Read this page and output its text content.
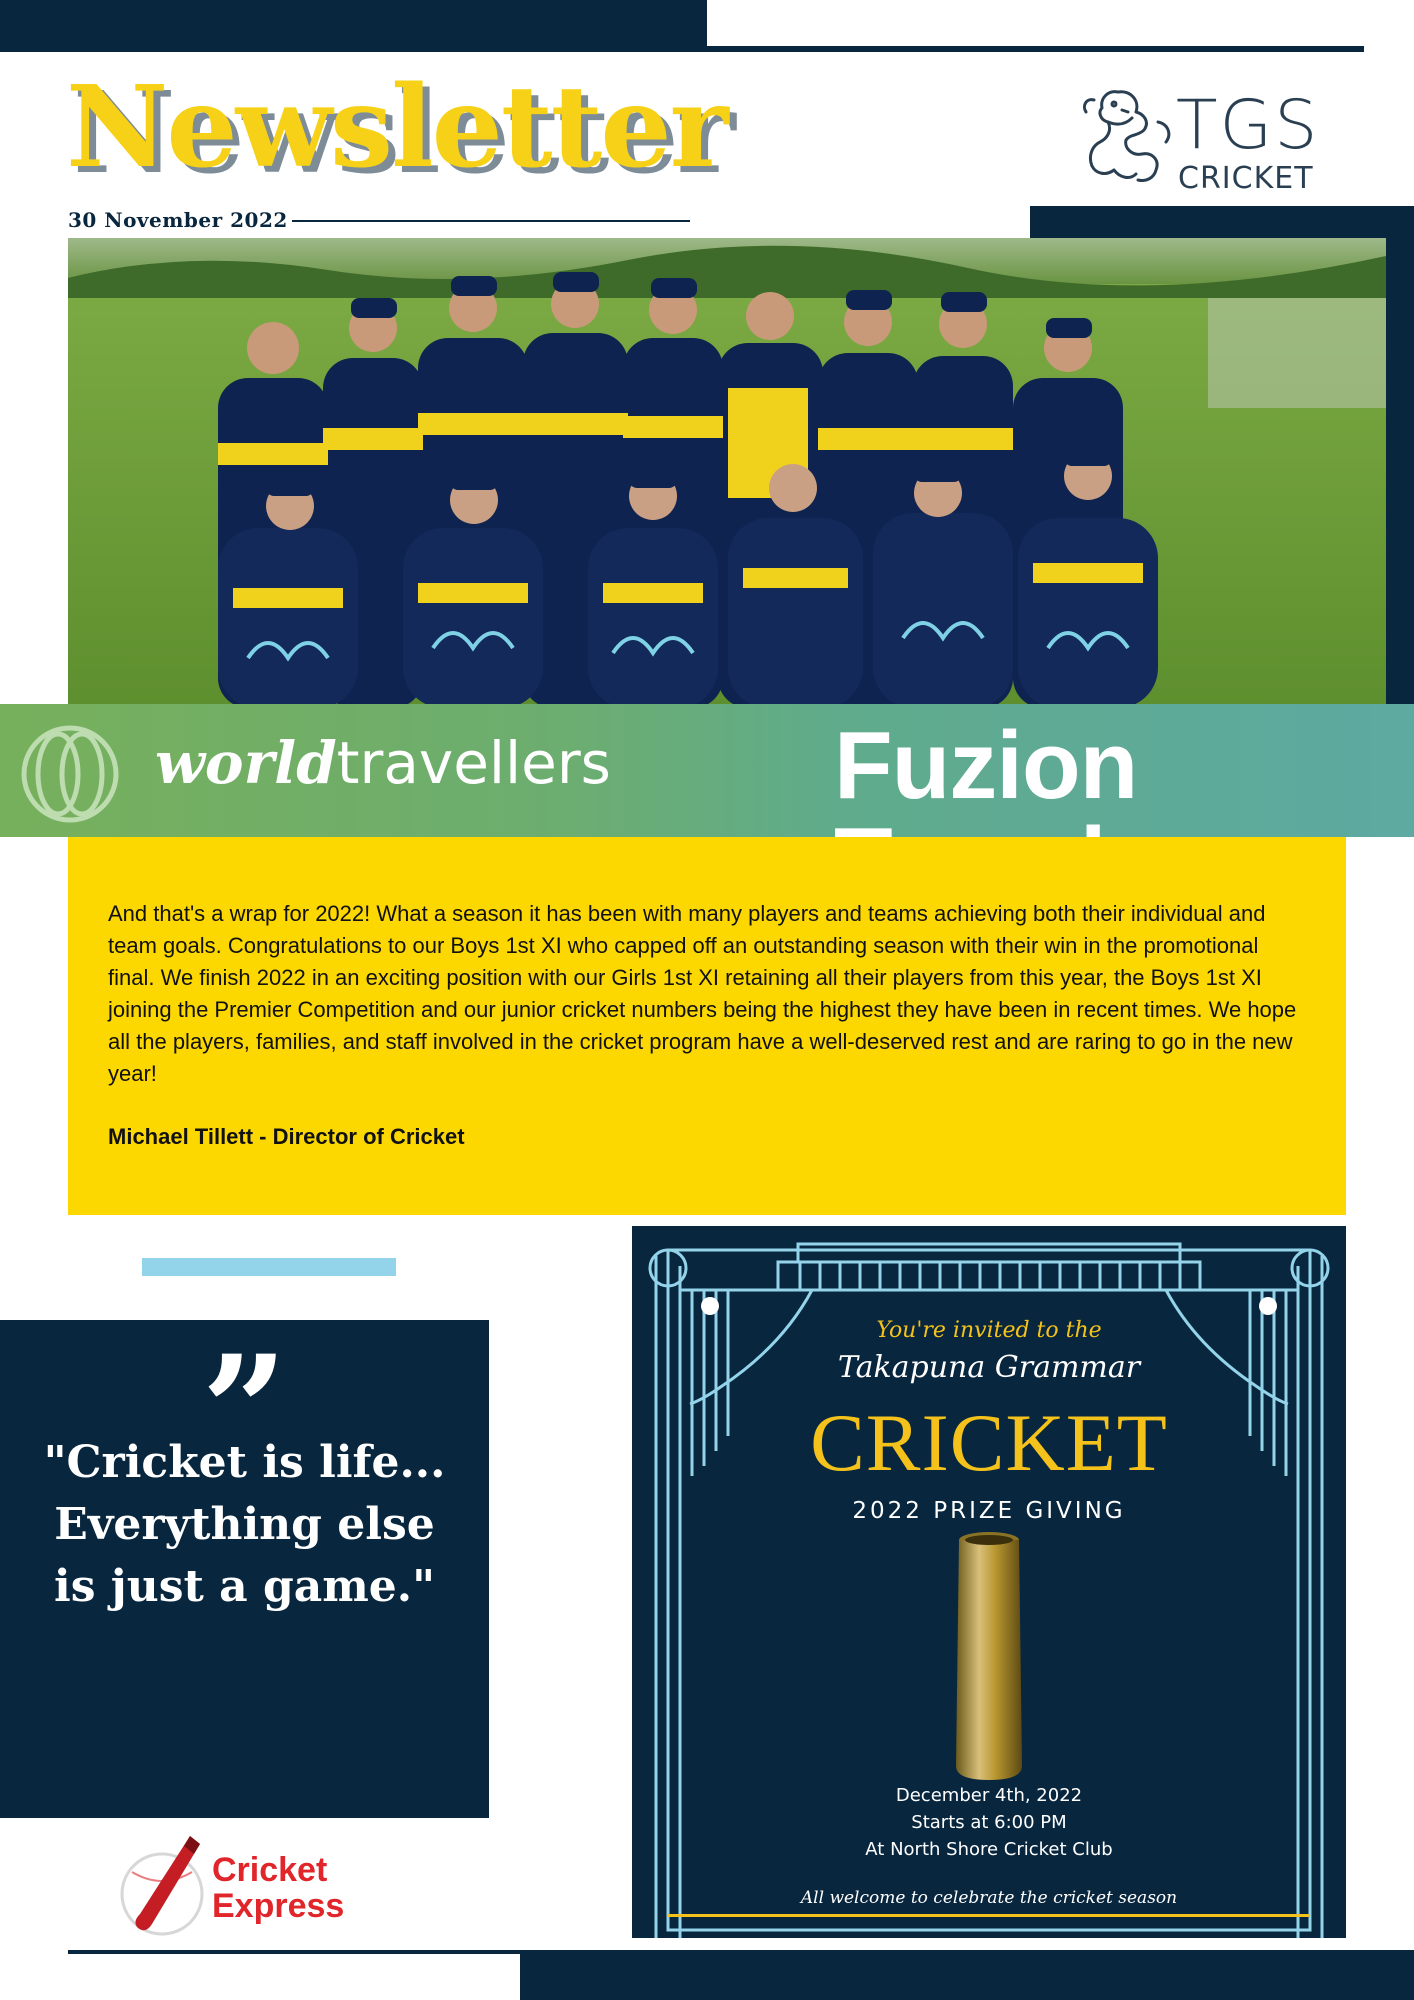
Newsletter
30 November 2022
TGS
CRICKET
worldtravellers Fuzion

And that's a wrap for 2022! What a season it has been with many players and teams achieving both their individual and team goals. Congratulations to our Boys 1st XI who capped off an outstanding season with their win in the promotional final. We finish 2022 in an exciting position with our Girls 1st XI retaining all their players from this year, the Boys 1st XI joining the Premier Competition and our junior cricket numbers being the highest they have been in recent times. We hope all the players, families, and staff involved in the cricket program have a well-deserved rest and are raring to go in the new year!

Michael Tillett - Director of Cricket

”

"Cricket is life... Everything else is just a game."

Cricket
Express
You're invited to the
Takapuna Grammar
CRICKET
2022 PRIZE GIVING
December 4th, 2022
Starts at 6:00 PM
At North Shore Cricket Club
All welcome to celebrate the cricket season
